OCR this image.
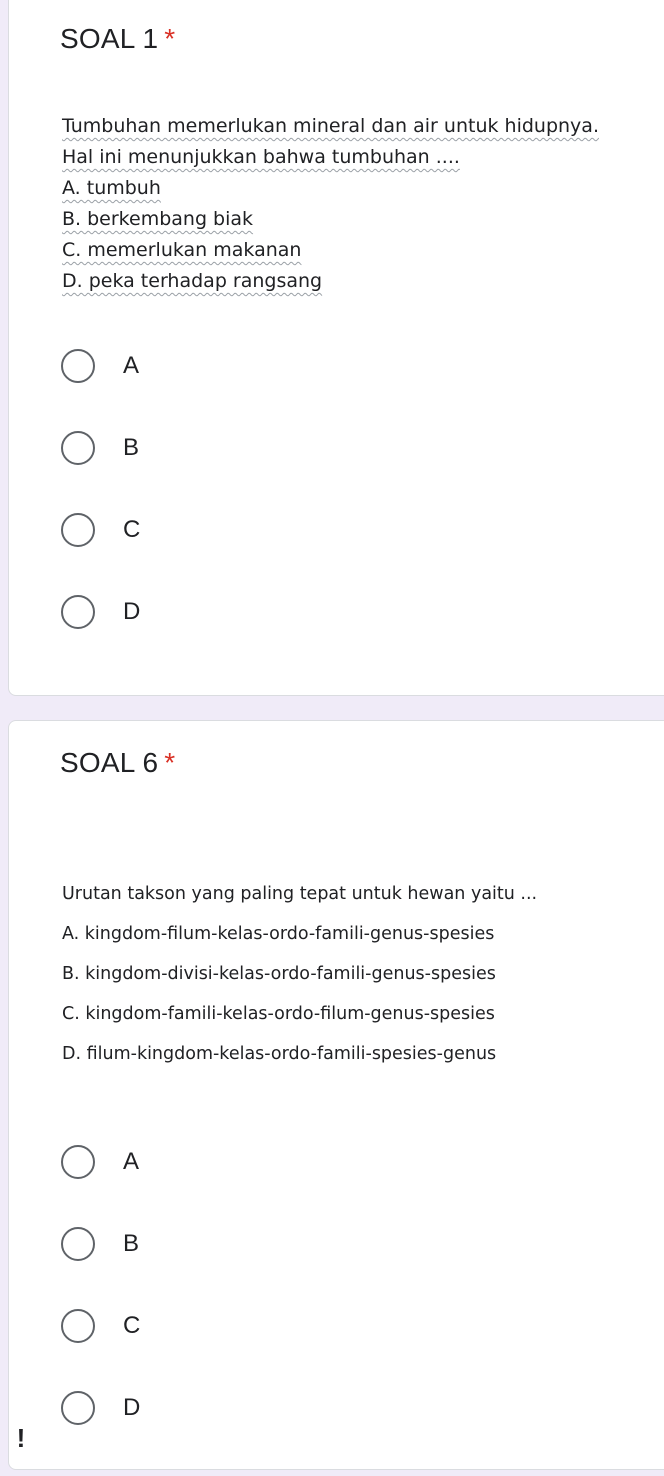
SOAL 1 *
Tumbuhan memerlukan mineral dan air untuk hidupnya.
Hal ini menunjukkan bahwa tumbuhan ....
A. tumbuh
B. berkembang biak
C. memerlukan makanan
D. peka terhadap rangsang
A
B
C
D
SOAL 6 *
Urutan takson yang paling tepat untuk hewan yaitu ...
A. kingdom-filum-kelas-ordo-famili-genus-spesies
B. kingdom-divisi-kelas-ordo-famili-genus-spesies
C. kingdom-famili-kelas-ordo-filum-genus-spesies
D. filum-kingdom-kelas-ordo-famili-spesies-genus
A
B
C
D
!
